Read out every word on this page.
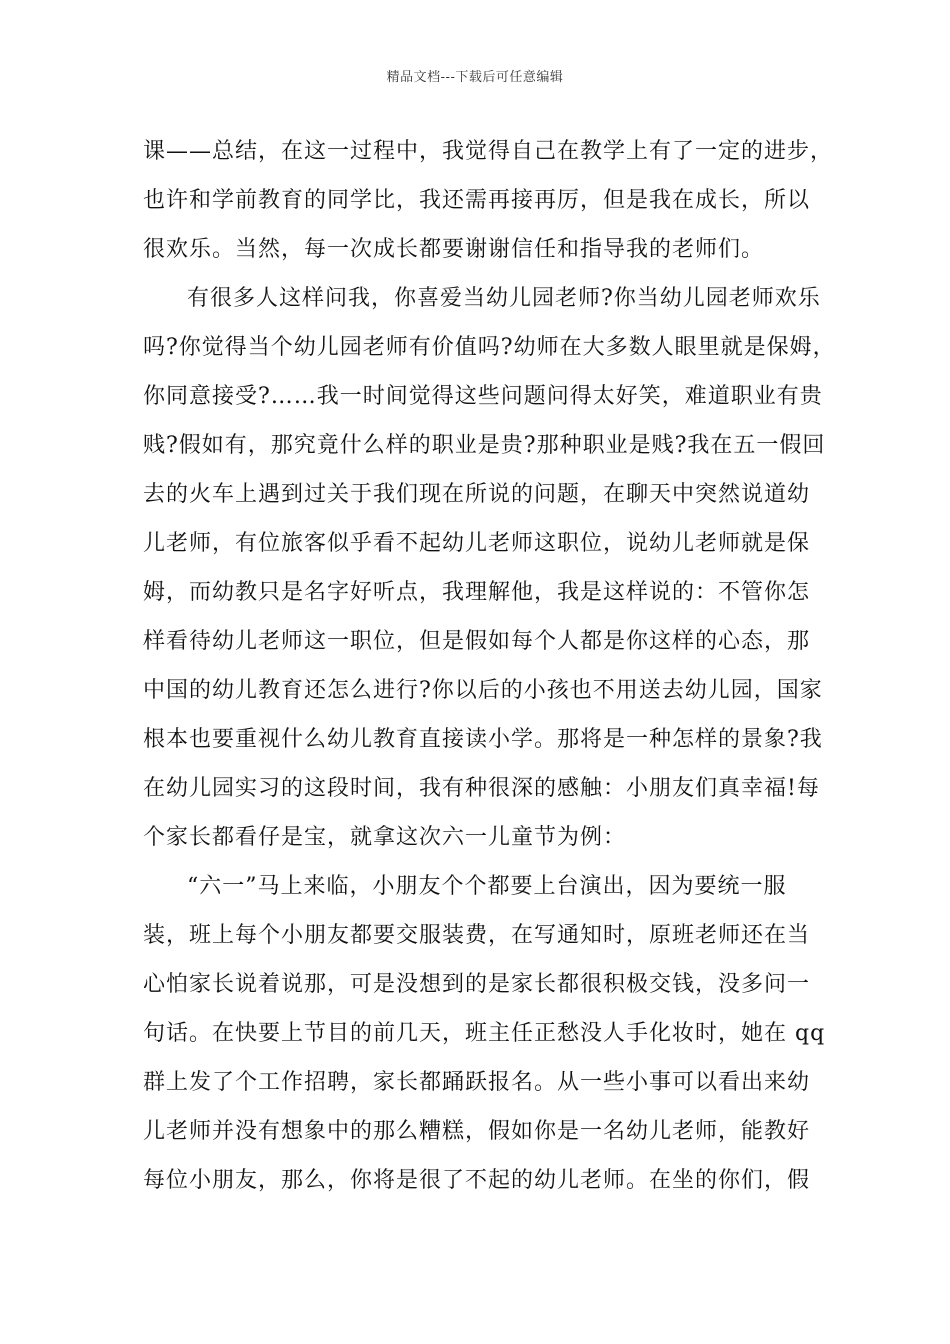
精品文档---下载后可任意编辑
课——总结，在这一过程中，我觉得自己在教学上有了一定的进步，
也许和学前教育的同学比，我还需再接再厉，但是我在成长，所以
很欢乐。当然，每一次成长都要谢谢信任和指导我的老师们。
有很多人这样问我，你喜爱当幼儿园老师?你当幼儿园老师欢乐
吗?你觉得当个幼儿园老师有价值吗?幼师在大多数人眼里就是保姆，
你同意接受?……我一时间觉得这些问题问得太好笑，难道职业有贵
贱?假如有，那究竟什么样的职业是贵?那种职业是贱?我在五一假回
去的火车上遇到过关于我们现在所说的问题，在聊天中突然说道幼
儿老师，有位旅客似乎看不起幼儿老师这职位，说幼儿老师就是保
姆，而幼教只是名字好听点，我理解他，我是这样说的：不管你怎
样看待幼儿老师这一职位，但是假如每个人都是你这样的心态，那
中国的幼儿教育还怎么进行?你以后的小孩也不用送去幼儿园，国家
根本也要重视什么幼儿教育直接读小学。那将是一种怎样的景象?我
在幼儿园实习的这段时间，我有种很深的感触：小朋友们真幸福!每
个家长都看仔是宝，就拿这次六一儿童节为例：
“六一”马上来临，小朋友个个都要上台演出，因为要统一服
装，班上每个小朋友都要交服装费，在写通知时，原班老师还在当
心怕家长说着说那，可是没想到的是家长都很积极交钱，没多问一
句话。在快要上节目的前几天，班主任正愁没人手化妆时，她在 qq
群上发了个工作招聘，家长都踊跃报名。从一些小事可以看出来幼
儿老师并没有想象中的那么糟糕，假如你是一名幼儿老师，能教好
每位小朋友，那么，你将是很了不起的幼儿老师。在坐的你们，假
